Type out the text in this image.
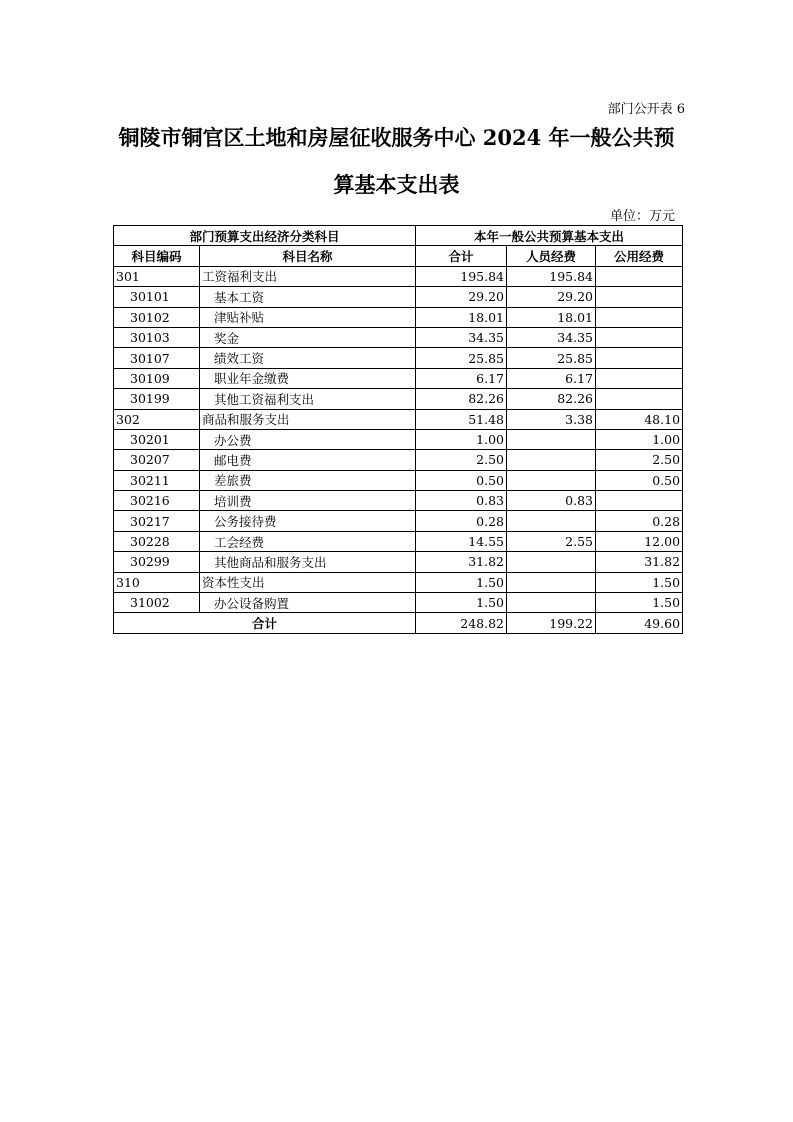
部门公开表 6
铜陵市铜官区土地和房屋征收服务中心 2024 年一般公共预
算基本支出表
单位：万元
部门预算支出经济分类科目		本年一般公共预算基本支出		
科目编码	科目名称	合计	人员经费	公用经费
301	工资福利支出	195.84	195.84	
30101	基本工资	29.20	29.20	
30102	津贴补贴	18.01	18.01	
30103	奖金	34.35	34.35	
30107	绩效工资	25.85	25.85	
30109	职业年金缴费	6.17	6.17	
30199	其他工资福利支出	82.26	82.26	
302	商品和服务支出	51.48	3.38	48.10
30201	办公费	1.00		1.00
30207	邮电费	2.50		2.50
30211	差旅费	0.50		0.50
30216	培训费	0.83	0.83	
30217	公务接待费	0.28		0.28
30228	工会经费	14.55	2.55	12.00
30299	其他商品和服务支出	31.82		31.82
310	资本性支出	1.50		1.50
31002	办公设备购置	1.50		1.50
合计		248.82	199.22	49.60
